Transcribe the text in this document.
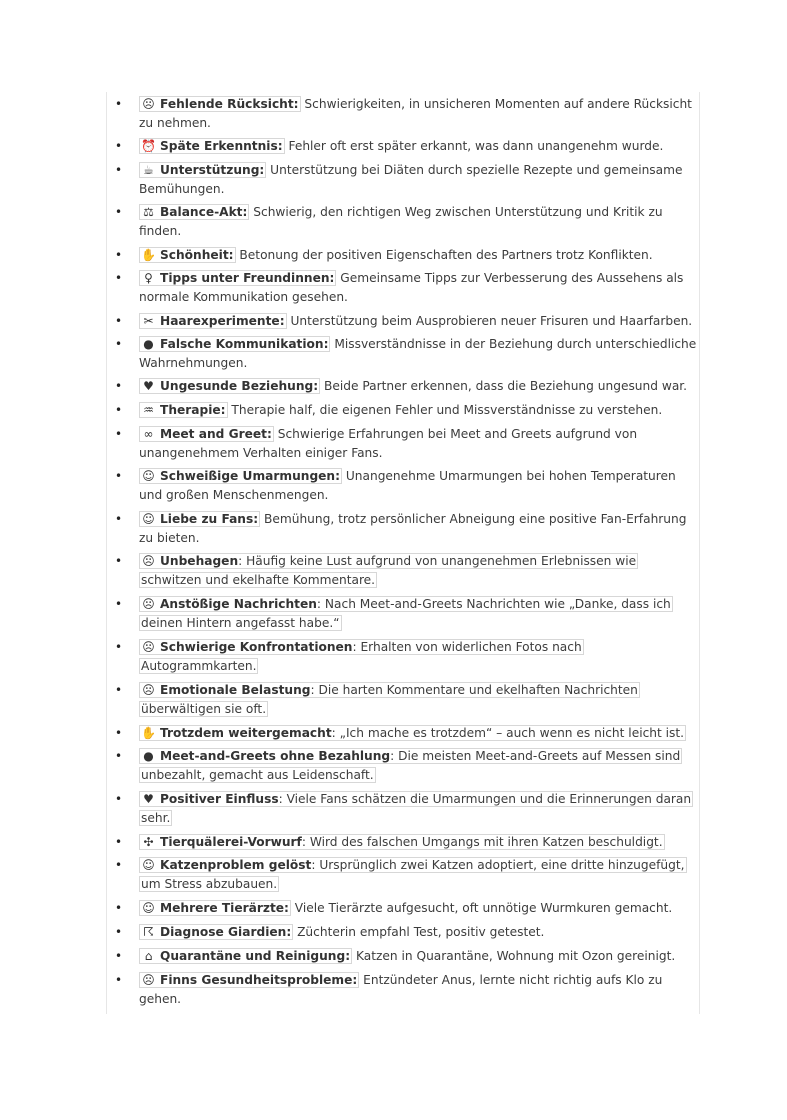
• ☹ Fehlende Rücksicht: Schwierigkeiten, in unsicheren Momenten auf andere Rücksicht zu nehmen.
• ⏰ Späte Erkenntnis: Fehler oft erst später erkannt, was dann unangenehm wurde.
• ☕ Unterstützung: Unterstützung bei Diäten durch spezielle Rezepte und gemeinsame Bemühungen.
• ⚖ Balance-Akt: Schwierig, den richtigen Weg zwischen Unterstützung und Kritik zu finden.
• ✋ Schönheit: Betonung der positiven Eigenschaften des Partners trotz Konflikten.
• ♀ Tipps unter Freundinnen: Gemeinsame Tipps zur Verbesserung des Aussehens als normale Kommunikation gesehen.
• ✂ Haarexperimente: Unterstützung beim Ausprobieren neuer Frisuren und Haarfarben.
• ● Falsche Kommunikation: Missverständnisse in der Beziehung durch unterschiedliche Wahrnehmungen.
• ♥ Ungesunde Beziehung: Beide Partner erkennen, dass die Beziehung ungesund war.
• ♒ Therapie: Therapie half, die eigenen Fehler und Missverständnisse zu verstehen.
• ∞ Meet and Greet: Schwierige Erfahrungen bei Meet and Greets aufgrund von unangenehmem Verhalten einiger Fans.
• ☺ Schweißige Umarmungen: Unangenehme Umarmungen bei hohen Temperaturen und großen Menschenmengen.
• ☺ Liebe zu Fans: Bemühung, trotz persönlicher Abneigung eine positive Fan-Erfahrung zu bieten.
• ☹ Unbehagen: Häufig keine Lust aufgrund von unangenehmen Erlebnissen wie schwitzen und ekelhafte Kommentare.
• ☹ Anstößige Nachrichten: Nach Meet-and-Greets Nachrichten wie „Danke, dass ich deinen Hintern angefasst habe.“
• ☹ Schwierige Konfrontationen: Erhalten von widerlichen Fotos nach Autogrammkarten.
• ☹ Emotionale Belastung: Die harten Kommentare und ekelhaften Nachrichten überwältigen sie oft.
• ✋ Trotzdem weitergemacht: „Ich mache es trotzdem“ – auch wenn es nicht leicht ist.
• ● Meet-and-Greets ohne Bezahlung: Die meisten Meet-and-Greets auf Messen sind unbezahlt, gemacht aus Leidenschaft.
• ♥ Positiver Einfluss: Viele Fans schätzen die Umarmungen und die Erinnerungen daran sehr.
• ✣ Tierquälerei-Vorwurf: Wird des falschen Umgangs mit ihren Katzen beschuldigt.
• ☺ Katzenproblem gelöst: Ursprünglich zwei Katzen adoptiert, eine dritte hinzugefügt, um Stress abzubauen.
• ☺ Mehrere Tierärzte: Viele Tierärzte aufgesucht, oft unnötige Wurmkuren gemacht.
• ☈ Diagnose Giardien: Züchterin empfahl Test, positiv getestet.
• ⌂ Quarantäne und Reinigung: Katzen in Quarantäne, Wohnung mit Ozon gereinigt.
• ☹ Finns Gesundheitsprobleme: Entzündeter Anus, lernte nicht richtig aufs Klo zu gehen.
